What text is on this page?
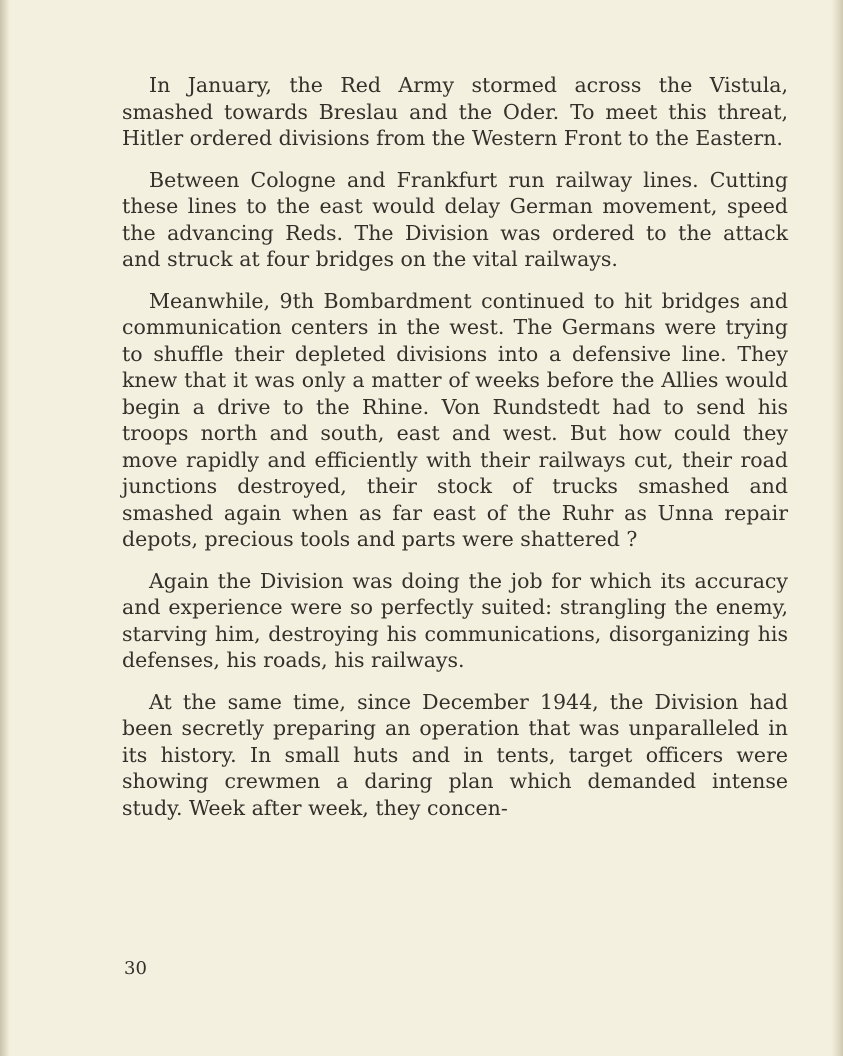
In January, the Red Army stormed across the Vistula, smashed towards Breslau and the Oder. To meet this threat, Hitler ordered divisions from the Western Front to the Eastern.

Between Cologne and Frankfurt run railway lines. Cutting these lines to the east would delay German movement, speed the advancing Reds. The Division was ordered to the attack and struck at four bridges on the vital railways.

Meanwhile, 9th Bombardment continued to hit bridges and communication centers in the west. The Germans were trying to shuffle their depleted divisions into a defensive line. They knew that it was only a matter of weeks before the Allies would begin a drive to the Rhine. Von Rundstedt had to send his troops north and south, east and west. But how could they move rapidly and efficiently with their railways cut, their road junctions destroyed, their stock of trucks smashed and smashed again when as far east of the Ruhr as Unna repair depots, precious tools and parts were shattered ?

Again the Division was doing the job for which its accuracy and experience were so perfectly suited: strangling the enemy, starving him, destroying his communications, disorganizing his defenses, his roads, his railways.

At the same time, since December 1944, the Division had been secretly preparing an operation that was unparalleled in its history. In small huts and in tents, target officers were showing crewmen a daring plan which demanded intense study. Week after week, they concen-

30
